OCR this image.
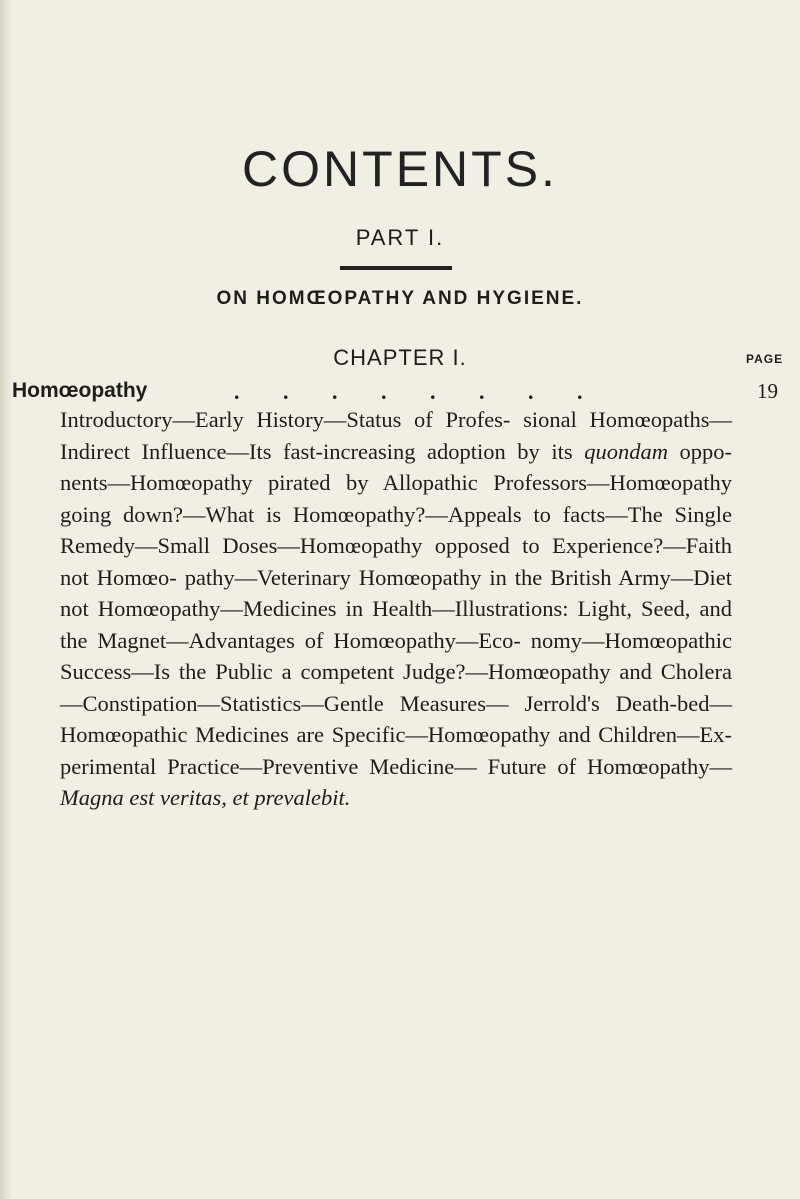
CONTENTS.
PART I.
ON HOMŒOPATHY AND HYGIENE.
CHAPTER I.	PAGE
Homœopathy	. . . . . . . .	19

Introductory—Early History—Status of Profes- sional Homœopaths—Indirect Influence—Its fast-increasing adoption by its quondam oppo- nents—Homœopathy pirated by Allopathic Professors—Homœopathy going down?—What is Homœopathy?—Appeals to facts—The Single Remedy—Small Doses—Homœopathy opposed to Experience?—Faith not Homœo- pathy—Veterinary Homœopathy in the British Army—Diet not Homœopathy—Medicines in Health—Illustrations: Light, Seed, and the Magnet—Advantages of Homœopathy—Eco- nomy—Homœopathic Success—Is the Public a competent Judge?—Homœopathy and Cholera —Constipation—Statistics—Gentle Measures— Jerrold's Death-bed—Homœopathic Medicines are Specific—Homœopathy and Children—Ex- perimental Practice—Preventive Medicine— Future of Homœopathy—Magna est veritas, et prevalebit.
